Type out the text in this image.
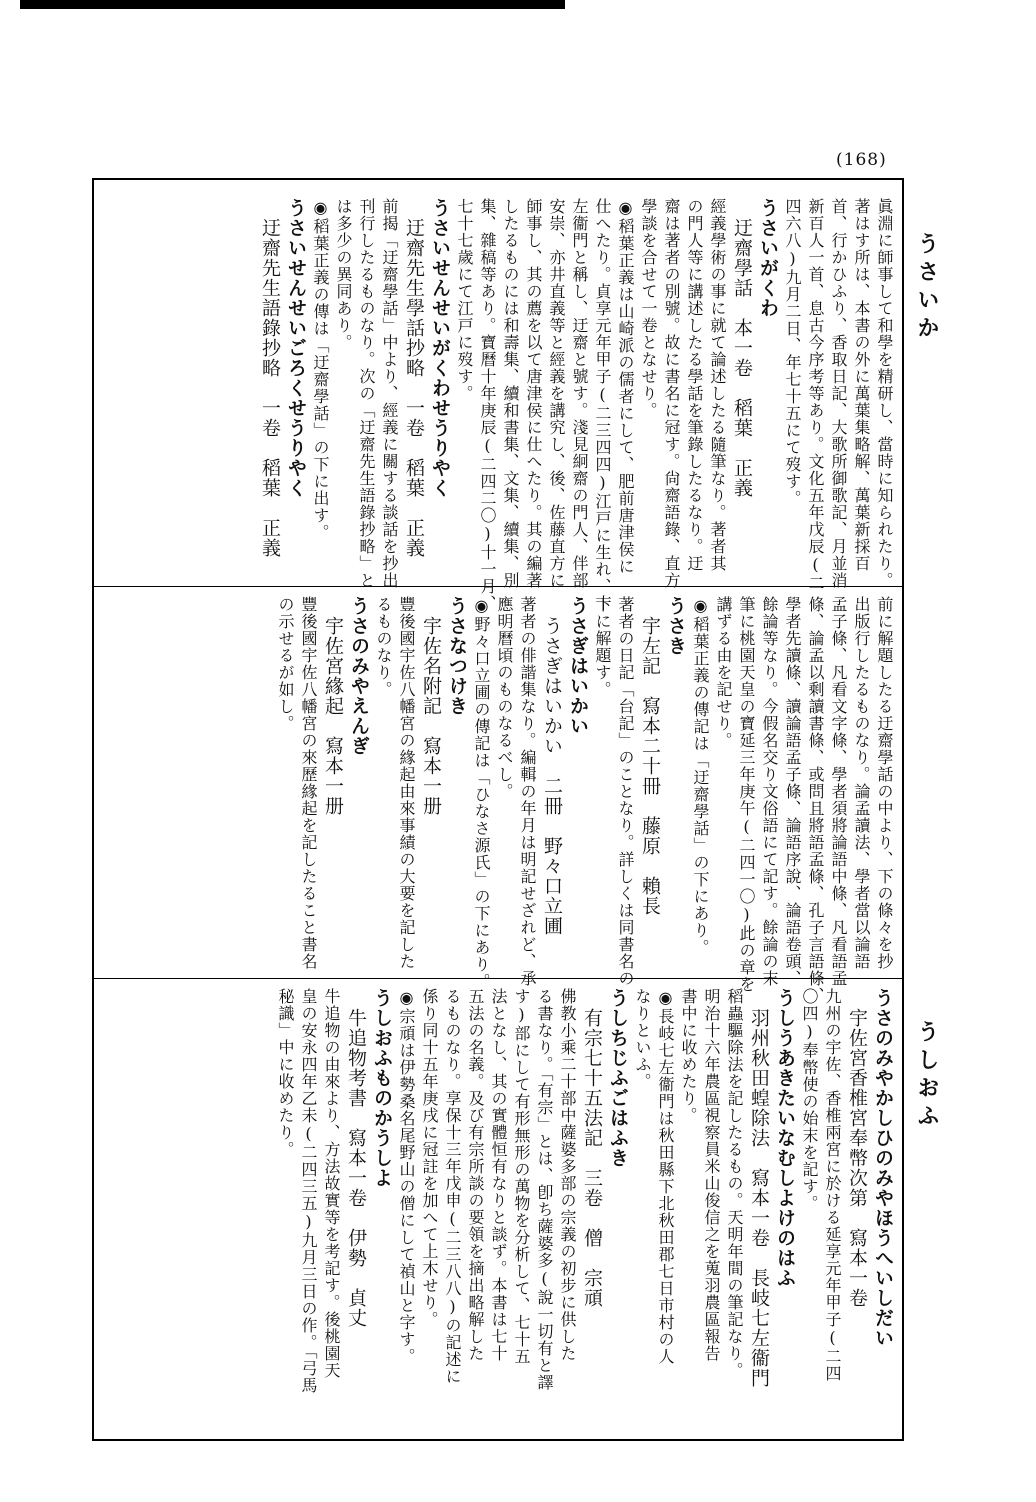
(168)
うさいか
うしおふ
眞淵に師事して和學を精研し、當時に知られたり。
著はす所は、本書の外に萬葉集略解、萬葉新採百
首、行かひふり、香取日記、大歌所御歌記、月並消
新百人一首、息古今序考等あり。文化五年戊辰(二
四六八)九月二日、年七十五にて歿す。
うさいがくわ
　迂齋學話　本一卷　稻葉　正義
經義學術の事に就て論述したる隨筆なり。著者其
の門人等に講述したる學話を筆錄したるなり。迂
齋は著者の別號。故に書名に冠す。尙齋語錄、直方
學談を合せて一卷となせり。
◉稻葉正義は山崎派の儒者にして、肥前唐津侯に
仕へたり。貞享元年甲子(二三四四)江戸に生れ、十
左衞門と稱し、迂齋と號す。淺見絅齋の門人、伴部
安崇、亦井直義等と經義を講究し、後、佐藤直方に
師事し、其の薦を以て唐津侯に仕へたり。其の編著
したるものには和壽集、續和書集、文集、續集、別
集、雜稿等あり。寶曆十年庚辰(二四二〇)十一月、
七十七歲にて江戸に歿す。
うさいせんせいがくわせうりやく
　迂齋先生學話抄略　一卷　稻葉　正義
前揭「迂齋學話」中より、經義に關する談話を抄出
刊行したるものなり。次の「迂齋先生語錄抄略」と
は多少の異同あり。
◉稻葉正義の傳は「迂齋學話」の下に出す。
うさいせんせいごろくせうりやく
　迂齋先生語錄抄略　一卷　稻葉　正義
前に解題したる迂齋學話の中より、下の條々を抄
出版行したるものなり。論孟讀法、學者當以論語
孟子條、凡看文字條、學者須將論語中條、凡看語孟
條、論孟以剩讀書條、或問且將語孟條、孔子言語條、
學者先讀條、讀論語孟子條、論語序說、論語卷頭、
餘論等なり。今假名交り文俗語にて記す。餘論の末
筆に桃園天皇の寶延三年庚午(二四一〇)此の章を
講ずる由を記せり。
◉稻葉正義の傳記は「迂齋學話」の下にあり。
うさき
　宇左記　寫本二十冊　藤原　賴長
著者の日記「台記」のことなり。詳しくは同書名の
下に解題す。
うさぎはいかい
　うさぎはいかい　二冊　野々口立圃
著者の俳諧集なり。編輯の年月は明記せざれど、承
應明曆頃のものなるべし。
◉野々口立圃の傳記は「ひなさ源氏」の下にあり。
うさなつけき
　宇佐名附記　寫本一册
豐後國宇佐八幡宮の緣起由來事績の大要を記した
るものなり。
うさのみやえんぎ
　宇佐宮緣起　寫本一册
豐後國宇佐八幡宮の來歷緣起を記したること書名
の示せるが如し。
うさのみやかしひのみやほうへいしだい
　宇佐宮香椎宮奉幣次第　寫本一卷
九州の宇佐、香椎兩宮に於ける延享元年甲子(二四
〇四)奉幣使の始末を記す。
うしうあきたいなむしよけのはふ
　羽州秋田蝗除法　寫本一卷　長岐七左衞門
稻蟲驅除法を記したるもの。天明年間の筆記なり。
明治十六年農區視察員米山俊信之を蒐羽農區報告
書中に收めたり。
◉長岐七左衞門は秋田縣下北秋田郡七日市村の人
なりといふ。
うしちじふごはふき
　有宗七十五法記　三卷　僧　宗頑
佛教小乘二十部中薩婆多部の宗義の初步に供した
る書なり。「有宗」とは、卽ち薩婆多(說一切有と譯
す)部にして有形無形の萬物を分析して、七十五
法となし、其の實體恒有なりと談ず。本書は七十
五法の名義。及び有宗所談の要領を摘出略解した
るものなり。享保十三年戊申(二三八八)の記述に
係り同十五年庚戌に冠註を加へて上木せり。
◉宗頑は伊勢桑名尾野山の僧にして禎山と字す。
うしおふものかうしよ
　牛追物考書　寫本一卷　伊勢　貞丈
牛追物の由來より、方法故實等を考記す。後桃園天
皇の安永四年乙未(二四三五)九月三日の作。「弓馬
秘識」中に收めたり。
